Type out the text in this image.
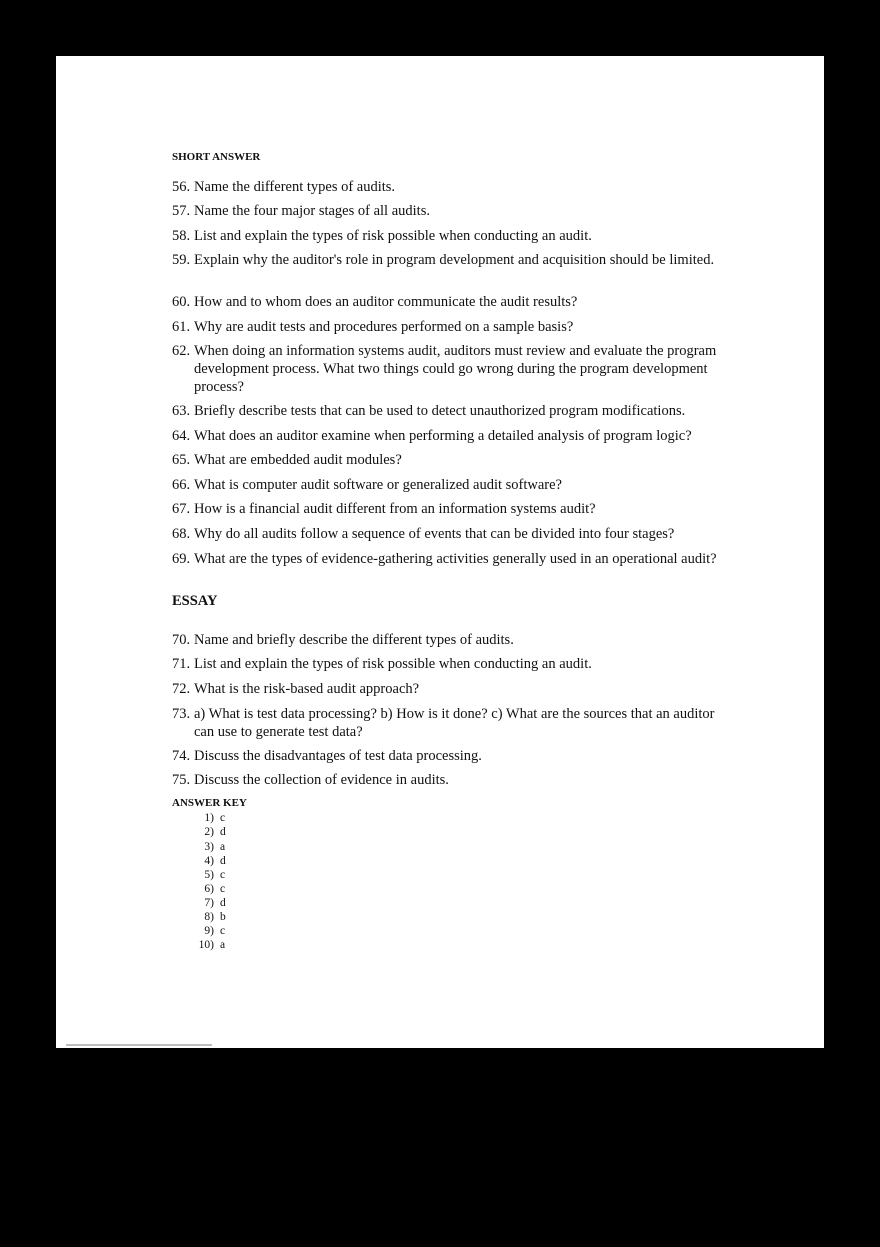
SHORT ANSWER
56. Name the different types of audits.
57. Name the four major stages of all audits.
58. List and explain the types of risk possible when conducting an audit.
59. Explain why the auditor's role in program development and acquisition should be limited.
60. How and to whom does an auditor communicate the audit results?
61. Why are audit tests and procedures performed on a sample basis?
62. When doing an information systems audit, auditors must review and evaluate the program development process. What two things could go wrong during the program development process?
63. Briefly describe tests that can be used to detect unauthorized program modifications.
64. What does an auditor examine when performing a detailed analysis of program logic?
65. What are embedded audit modules?
66. What is computer audit software or generalized audit software?
67. How is a financial audit different from an information systems audit?
68. Why do all audits follow a sequence of events that can be divided into four stages?
69. What are the types of evidence-gathering activities generally used in an operational audit?
ESSAY
70. Name and briefly describe the different types of audits.
71. List and explain the types of risk possible when conducting an audit.
72. What is the risk-based audit approach?
73. a) What is test data processing? b) How is it done? c) What are the sources that an auditor can use to generate test data?
74. Discuss the disadvantages of test data processing.
75. Discuss the collection of evidence in audits.
ANSWER KEY
1) c
2) d
3) a
4) d
5) c
6) c
7) d
8) b
9) c
10) a
